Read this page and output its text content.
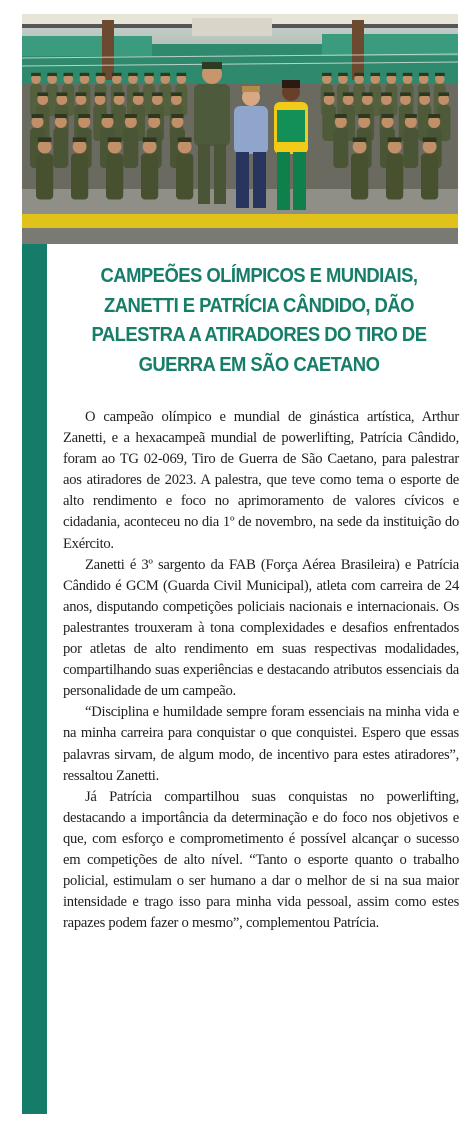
CAMPEÕES OLÍMPICOS E MUNDIAIS, ZANETTI E PATRÍCIA CÂNDIDO, DÃO PALESTRA A ATIRADORES DO TIRO DE GUERRA EM SÃO CAETANO

O campeão olímpico e mundial de ginástica artística, Arthur Zanetti, e a hexacampeã mundial de powerlifting, Patrícia Cândido, foram ao TG 02-069, Tiro de Guerra de São Caetano, para palestrar aos atiradores de 2023. A palestra, que teve como tema o esporte de alto rendimento e foco no aprimoramento de valores cívicos e cidadania, aconteceu no dia 1º de novembro, na sede da instituição do Exército.

Zanetti é 3º sargento da FAB (Força Aérea Brasileira) e Patrícia Cândido é GCM (Guarda Civil Municipal), atleta com carreira de 24 anos, disputando competições policiais nacionais e internacionais. Os palestrantes trouxeram à tona complexidades e desafios enfrentados por atletas de alto rendimento em suas respectivas modalidades, compartilhando suas experiências e destacando atributos essenciais da personalidade de um campeão.

“Disciplina e humildade sempre foram essenciais na minha vida e na minha carreira para conquistar o que conquistei. Espero que essas palavras sirvam, de algum modo, de incentivo para estes atiradores”, ressaltou Zanetti.

Já Patrícia compartilhou suas conquistas no powerlifting, destacando a importância da determinação e do foco nos objetivos e que, com esforço e comprometimento é possível alcançar o sucesso em competições de alto nível. “Tanto o esporte quanto o trabalho policial, estimulam o ser humano a dar o melhor de si na sua maior intensidade e trago isso para minha vida pessoal, assim como estes rapazes podem fazer o mesmo”, complementou Patrícia.
